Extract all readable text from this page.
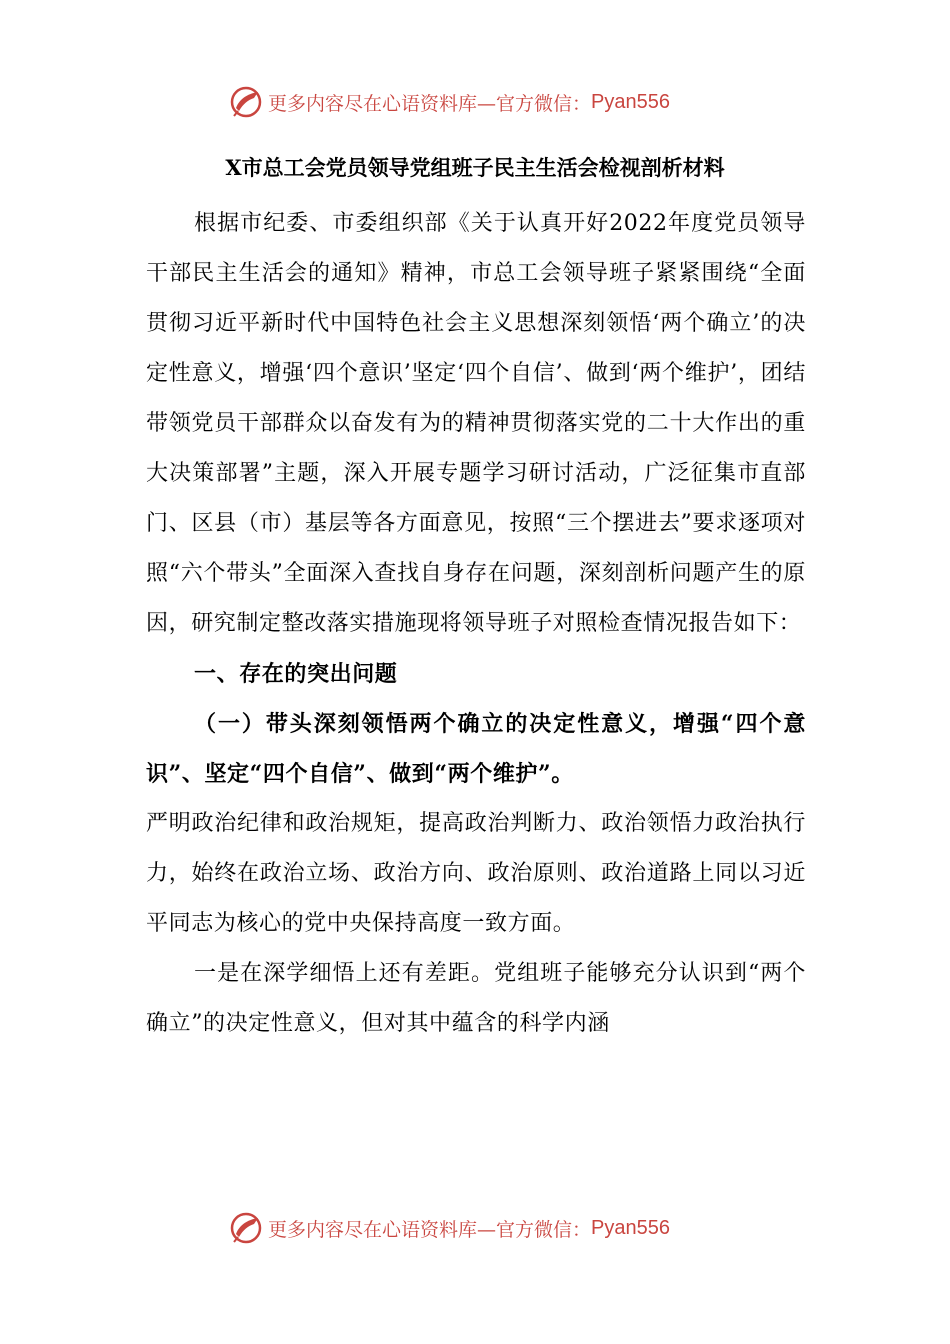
更多内容尽在心语资料库—官方微信： Pyan556
X市总工会党员领导党组班子民主生活会检视剖析材料

根据市纪委、市委组织部《关于认真开好2022年度党员领导干部民主生活会的通知》精神，市总工会领导班子紧紧围绕“全面贯彻习近平新时代中国特色社会主义思想深刻领悟‘两个确立’的决定性意义，增强‘四个意识’坚定‘四个自信’、做到‘两个维护’，团结带领党员干部群众以奋发有为的精神贯彻落实党的二十大作出的重大决策部署”主题，深入开展专题学习研讨活动，广泛征集市直部门、区县（市）基层等各方面意见，按照“三个摆进去”要求逐项对照“六个带头”全面深入查找自身存在问题，深刻剖析问题产生的原因，研究制定整改落实措施现将领导班子对照检查情况报告如下：

一、存在的突出问题

（一）带头深刻领悟两个确立的决定性意义，增强“四个意识”、坚定“四个自信”、做到“两个维护”。

严明政治纪律和政治规矩，提高政治判断力、政治领悟力政治执行力，始终在政治立场、政治方向、政治原则、政治道路上同以习近平同志为核心的党中央保持高度一致方面。

一是在深学细悟上还有差距。党组班子能够充分认识到“两个确立”的决定性意义，但对其中蕴含的科学内涵

更多内容尽在心语资料库—官方微信： Pyan556
